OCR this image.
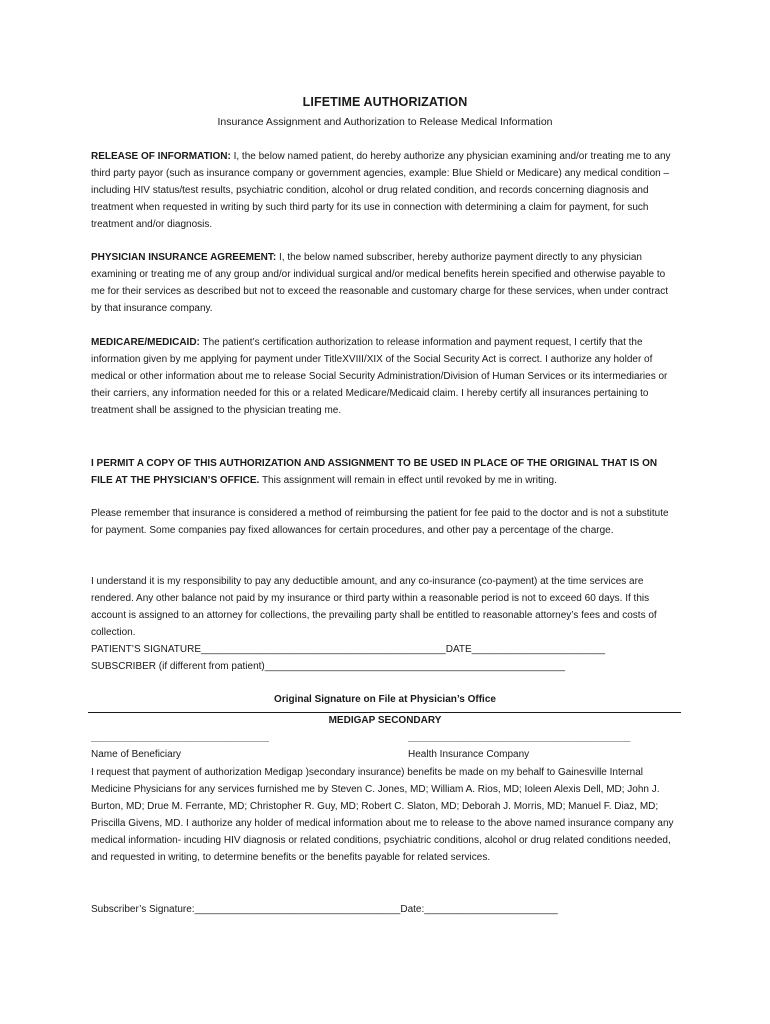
LIFETIME AUTHORIZATION
Insurance Assignment and Authorization to Release Medical Information

RELEASE OF INFORMATION: I, the below named patient, do hereby authorize any physician examining and/or treating me to any third party payor (such as insurance company or government agencies, example: Blue Shield or Medicare) any medical condition – including HIV status/test results, psychiatric condition, alcohol or drug related condition, and records concerning diagnosis and treatment when requested in writing by such third party for its use in connection with determining a claim for payment, for such treatment and/or diagnosis.

PHYSICIAN INSURANCE AGREEMENT: I, the below named subscriber, hereby authorize payment directly to any physician examining or treating me of any group and/or individual surgical and/or medical benefits herein specified and otherwise payable to me for their services as described but not to exceed the reasonable and customary charge for these services, when under contract by that insurance company.

MEDICARE/MEDICAID: The patient’s certification authorization to release information and payment request, I certify that the information given by me applying for payment under TitleXVIII/XIX of the Social Security Act is correct. I authorize any holder of medical or other information about me to release Social Security Administration/Division of Human Services or its intermediaries or their carriers, any information needed for this or a related Medicare/Medicaid claim. I hereby certify all insurances pertaining to treatment shall be assigned to the physician treating me.

I PERMIT A COPY OF THIS AUTHORIZATION AND ASSIGNMENT TO BE USED IN PLACE OF THE ORIGINAL THAT IS ON FILE AT THE PHYSICIAN’S OFFICE. This assignment will remain in effect until revoked by me in writing.

Please remember that insurance is considered a method of reimbursing the patient for fee paid to the doctor and is not a substitute for payment. Some companies pay fixed allowances for certain procedures, and other pay a percentage of the charge.

I understand it is my responsibility to pay any deductible amount, and any co-insurance (co-payment) at the time services are rendered. Any other balance not paid by my insurance or third party within a reasonable period is not to exceed 60 days. If this account is assigned to an attorney for collections, the prevailing party shall be entitled to reasonable attorney’s fees and costs of collection.

PATIENT’S SIGNATURE____________________________________________DATE________________________
SUBSCRIBER (if different from patient)______________________________________________________
Original Signature on File at Physician’s Office
MEDIGAP SECONDARY
________________________________	________________________________________
Name of Beneficiary	Health Insurance Company

I request that payment of authorization Medigap )secondary insurance) benefits be made on my behalf to Gainesville Internal Medicine Physicians for any services furnished me by Steven C. Jones, MD; William A. Rios, MD; Ioleen Alexis Dell, MD; John J. Burton, MD; Drue M. Ferrante, MD; Christopher R. Guy, MD; Robert C. Slaton, MD; Deborah J. Morris, MD; Manuel F. Diaz, MD; Priscilla Givens, MD. I authorize any holder of medical information about me to release to the above named insurance company any medical information- incuding HIV diagnosis or related conditions, psychiatric conditions, alcohol or drug related conditions needed, and requested in writing, to determine benefits or the benefits payable for related services.

Subscriber’s Signature:_____________________________________Date:________________________
